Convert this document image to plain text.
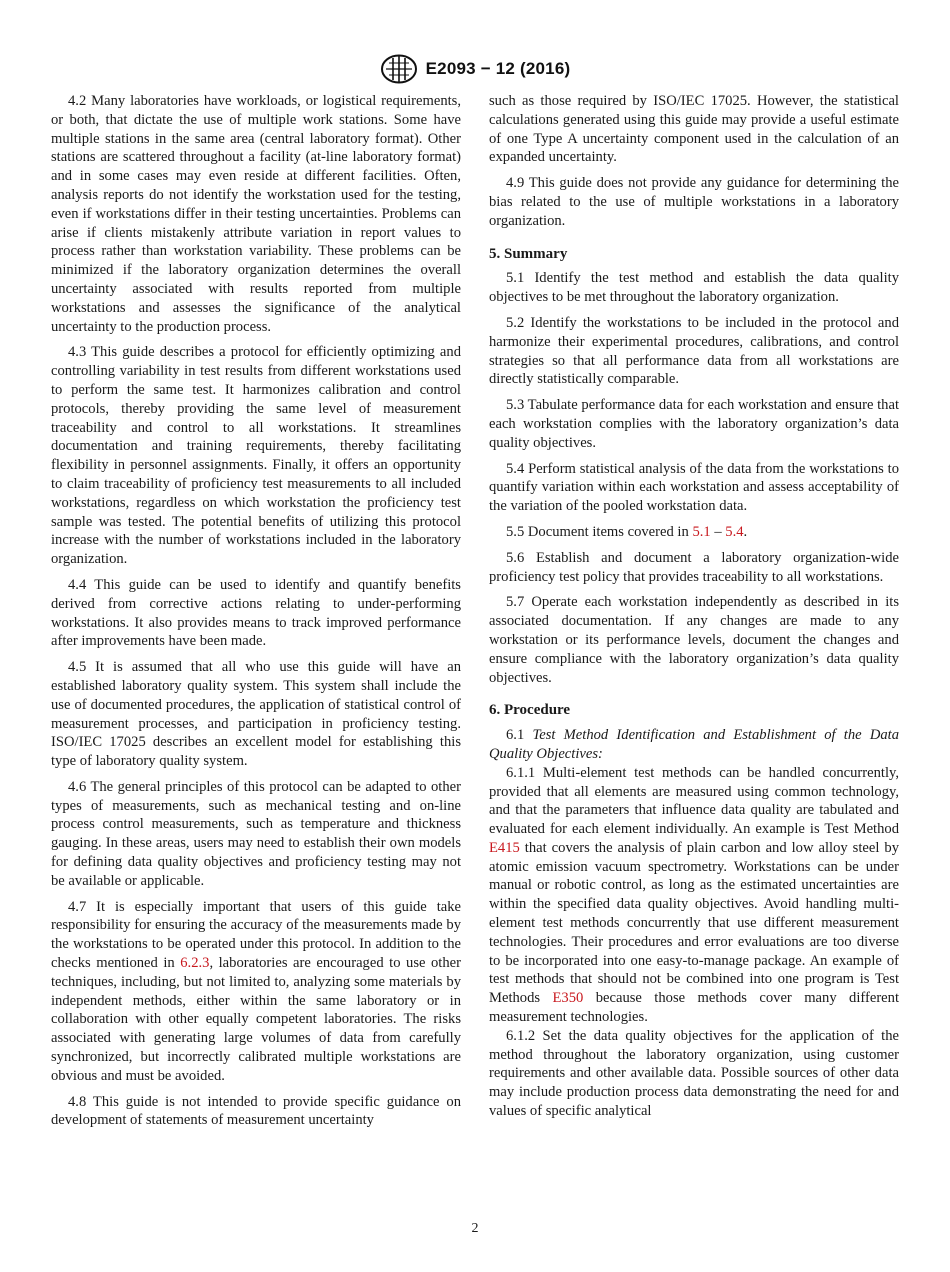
E2093 − 12 (2016)

4.2 Many laboratories have workloads, or logistical requirements, or both, that dictate the use of multiple work stations. Some have multiple stations in the same area (central laboratory format). Other stations are scattered throughout a facility (at-line laboratory format) and in some cases may even reside at different facilities. Often, analysis reports do not identify the workstation used for the testing, even if workstations differ in their testing uncertainties. Problems can arise if clients mistakenly attribute variation in report values to process rather than workstation variability. These problems can be minimized if the laboratory organization determines the overall uncertainty associated with results reported from multiple workstations and assesses the significance of the analytical uncertainty to the production process.

4.3 This guide describes a protocol for efficiently optimizing and controlling variability in test results from different workstations used to perform the same test. It harmonizes calibration and control protocols, thereby providing the same level of measurement traceability and control to all workstations. It streamlines documentation and training requirements, thereby facilitating flexibility in personnel assignments. Finally, it offers an opportunity to claim traceability of proficiency test measurements to all included workstations, regardless on which workstation the proficiency test sample was tested. The potential benefits of utilizing this protocol increase with the number of workstations included in the laboratory organization.

4.4 This guide can be used to identify and quantify benefits derived from corrective actions relating to under-performing workstations. It also provides means to track improved performance after improvements have been made.

4.5 It is assumed that all who use this guide will have an established laboratory quality system. This system shall include the use of documented procedures, the application of statistical control of measurement processes, and participation in proficiency testing. ISO/IEC 17025 describes an excellent model for establishing this type of laboratory quality system.

4.6 The general principles of this protocol can be adapted to other types of measurements, such as mechanical testing and on-line process control measurements, such as temperature and thickness gauging. In these areas, users may need to establish their own models for defining data quality objectives and proficiency testing may not be available or applicable.

4.7 It is especially important that users of this guide take responsibility for ensuring the accuracy of the measurements made by the workstations to be operated under this protocol. In addition to the checks mentioned in 6.2.3, laboratories are encouraged to use other techniques, including, but not limited to, analyzing some materials by independent methods, either within the same laboratory or in collaboration with other equally competent laboratories. The risks associated with generating large volumes of data from carefully synchronized, but incorrectly calibrated multiple workstations are obvious and must be avoided.

4.8 This guide is not intended to provide specific guidance on development of statements of measurement uncertainty

such as those required by ISO/IEC 17025. However, the statistical calculations generated using this guide may provide a useful estimate of one Type A uncertainty component used in the calculation of an expanded uncertainty.

4.9 This guide does not provide any guidance for determining the bias related to the use of multiple workstations in a laboratory organization.

5. Summary

5.1 Identify the test method and establish the data quality objectives to be met throughout the laboratory organization.

5.2 Identify the workstations to be included in the protocol and harmonize their experimental procedures, calibrations, and control strategies so that all performance data from all workstations are directly statistically comparable.

5.3 Tabulate performance data for each workstation and ensure that each workstation complies with the laboratory organization’s data quality objectives.

5.4 Perform statistical analysis of the data from the workstations to quantify variation within each workstation and assess acceptability of the variation of the pooled workstation data.

5.5 Document items covered in 5.1 – 5.4.

5.6 Establish and document a laboratory organization-wide proficiency test policy that provides traceability to all workstations.

5.7 Operate each workstation independently as described in its associated documentation. If any changes are made to any workstation or its performance levels, document the changes and ensure compliance with the laboratory organization’s data quality objectives.

6. Procedure

6.1 Test Method Identification and Establishment of the Data Quality Objectives:

6.1.1 Multi-element test methods can be handled concurrently, provided that all elements are measured using common technology, and that the parameters that influence data quality are tabulated and evaluated for each element individually. An example is Test Method E415 that covers the analysis of plain carbon and low alloy steel by atomic emission vacuum spectrometry. Workstations can be under manual or robotic control, as long as the estimated uncertainties are within the specified data quality objectives. Avoid handling multi-element test methods concurrently that use different measurement technologies. Their procedures and error evaluations are too diverse to be incorporated into one easy-to-manage package. An example of test methods that should not be combined into one program is Test Methods E350 because those methods cover many different measurement technologies.

6.1.2 Set the data quality objectives for the application of the method throughout the laboratory organization, using customer requirements and other available data. Possible sources of other data may include production process data demonstrating the need for and values of specific analytical

2
